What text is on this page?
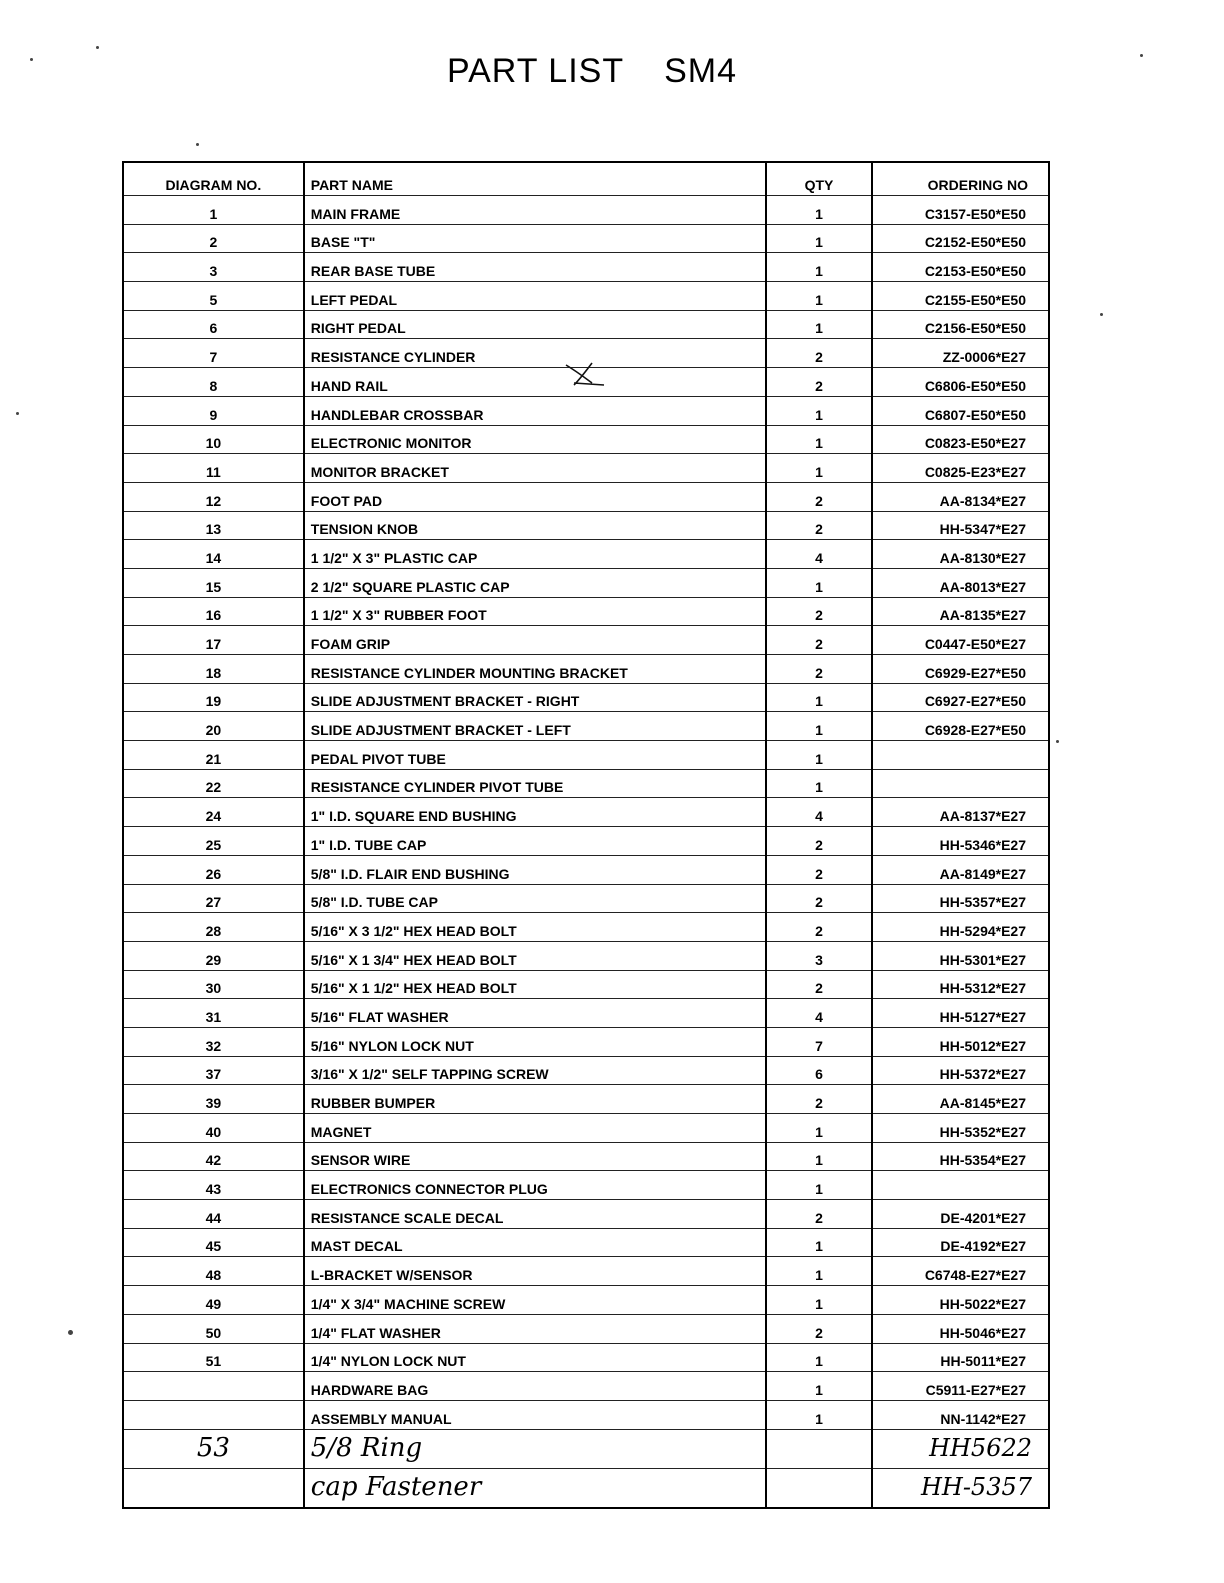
PART LIST SM4
DIAGRAM NO.	PART NAME	QTY	ORDERING NO
1	MAIN FRAME	1	C3157-E50*E50
2	BASE "T"	1	C2152-E50*E50
3	REAR BASE TUBE	1	C2153-E50*E50
5	LEFT PEDAL	1	C2155-E50*E50
6	RIGHT PEDAL	1	C2156-E50*E50
7	RESISTANCE CYLINDER	2	ZZ-0006*E27
8	HAND RAIL	2	C6806-E50*E50
9	HANDLEBAR CROSSBAR	1	C6807-E50*E50
10	ELECTRONIC MONITOR	1	C0823-E50*E27
11	MONITOR BRACKET	1	C0825-E23*E27
12	FOOT PAD	2	AA-8134*E27
13	TENSION KNOB	2	HH-5347*E27
14	1 1/2" X 3" PLASTIC CAP	4	AA-8130*E27
15	2 1/2" SQUARE PLASTIC CAP	1	AA-8013*E27
16	1 1/2" X 3" RUBBER FOOT	2	AA-8135*E27
17	FOAM GRIP	2	C0447-E50*E27
18	RESISTANCE CYLINDER MOUNTING BRACKET	2	C6929-E27*E50
19	SLIDE ADJUSTMENT BRACKET - RIGHT	1	C6927-E27*E50
20	SLIDE ADJUSTMENT BRACKET - LEFT	1	C6928-E27*E50
21	PEDAL PIVOT TUBE	1	
22	RESISTANCE CYLINDER PIVOT TUBE	1	
24	1" I.D. SQUARE END BUSHING	4	AA-8137*E27
25	1" I.D. TUBE CAP	2	HH-5346*E27
26	5/8" I.D. FLAIR END BUSHING	2	AA-8149*E27
27	5/8" I.D. TUBE CAP	2	HH-5357*E27
28	5/16" X 3 1/2" HEX HEAD BOLT	2	HH-5294*E27
29	5/16" X 1 3/4" HEX HEAD BOLT	3	HH-5301*E27
30	5/16" X 1 1/2" HEX HEAD BOLT	2	HH-5312*E27
31	5/16" FLAT WASHER	4	HH-5127*E27
32	5/16" NYLON LOCK NUT	7	HH-5012*E27
37	3/16" X 1/2" SELF TAPPING SCREW	6	HH-5372*E27
39	RUBBER BUMPER	2	AA-8145*E27
40	MAGNET	1	HH-5352*E27
42	SENSOR WIRE	1	HH-5354*E27
43	ELECTRONICS CONNECTOR PLUG	1	
44	RESISTANCE SCALE DECAL	2	DE-4201*E27
45	MAST DECAL	1	DE-4192*E27
48	L-BRACKET W/SENSOR	1	C6748-E27*E27
49	1/4" X 3/4" MACHINE SCREW	1	HH-5022*E27
50	1/4" FLAT WASHER	2	HH-5046*E27
51	1/4" NYLON LOCK NUT	1	HH-5011*E27
	HARDWARE BAG	1	C5911-E27*E27
	ASSEMBLY MANUAL	1	NN-1142*E27
53	5/8 Ring		HH5622
	cap Fastener		HH-5357
